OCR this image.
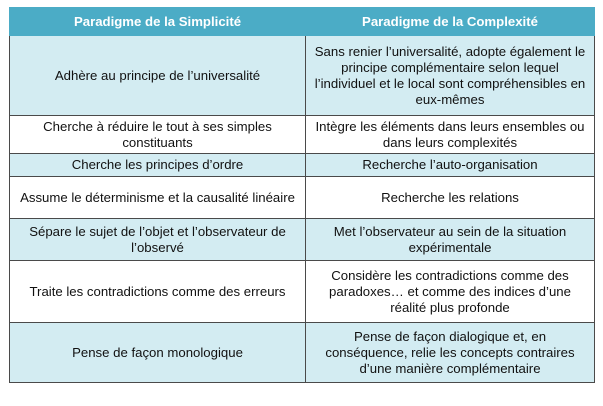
Paradigme de la Simplicité	Paradigme de la Complexité
Adhère au principe de l’universalité	Sans renier l’universalité, adopte également le principe complémentaire selon lequel l’individuel et le local sont compréhensibles en eux-mêmes
Cherche à réduire le tout à ses simples constituants	Intègre les éléments dans leurs ensembles ou dans leurs complexités
Cherche les principes d’ordre	Recherche l’auto-organisation
Assume le déterminisme et la causalité linéaire	Recherche les relations
Sépare le sujet de l’objet et l’observateur de l’observé	Met l’observateur au sein de la situation expérimentale
Traite les contradictions comme des erreurs	Considère les contradictions comme des paradoxes… et comme des indices d’une réalité plus profonde
Pense de façon monologique	Pense de façon dialogique et, en conséquence, relie les concepts contraires d’une manière complémentaire
